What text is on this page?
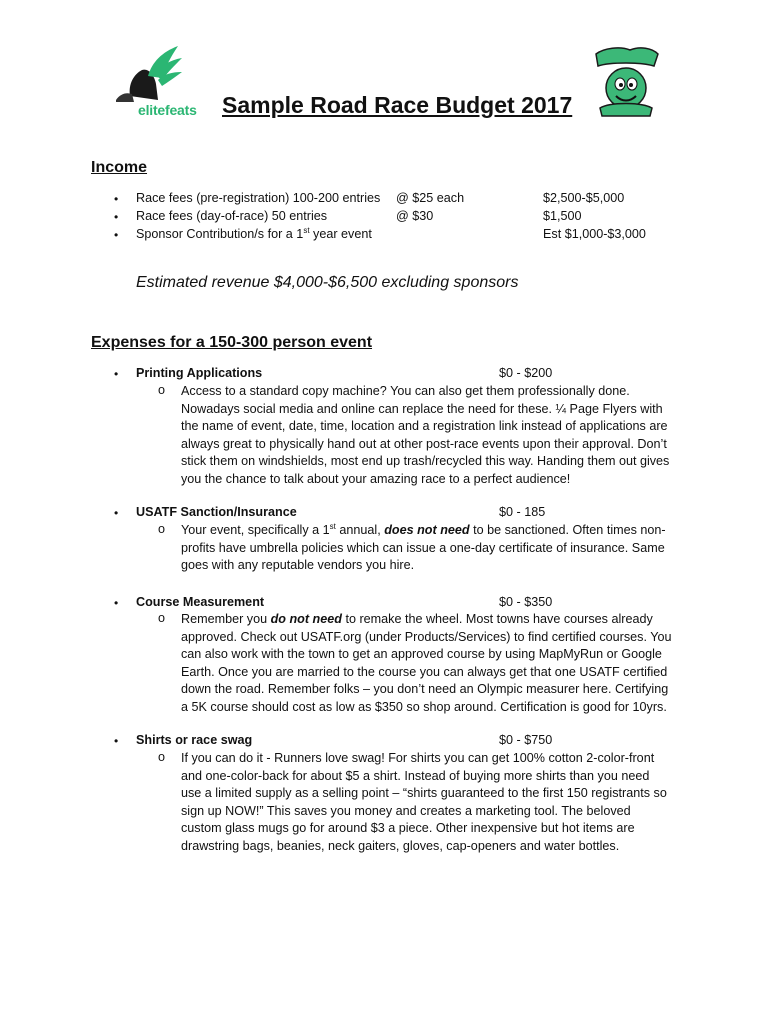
elitefeats Sample Road Race Budget 2017
Income
• Race fees (pre-registration) 100-200 entries @ $25 each	$2,500-$5,000
• Race fees (day-of-race) 50 entries	@ $30	$1,500
• Sponsor Contribution/s for a 1st year event	Est $1,000-$3,000
Estimated revenue $4,000-$6,500 excluding sponsors
Expenses for a 150-300 person event
• Printing Applications	$0 - $200
o Access to a standard copy machine? You can also get them professionally done.
Nowadays social media and online can replace the need for these. ¼ Page Flyers with
the name of event, date, time, location and a registration link instead of applications are
always great to physically hand out at other post-race events upon their approval. Don’t
stick them on windshields, most end up trash/recycled this way. Handing them out gives
you the chance to talk about your amazing race to a perfect audience!
• USATF Sanction/Insurance	$0 - 185
o Your event, specifically a 1st annual, does not need to be sanctioned. Often times non-
profits have umbrella policies which can issue a one-day certificate of insurance. Same
goes with any reputable vendors you hire.
• Course Measurement	$0 - $350
o Remember you do not need to remake the wheel. Most towns have courses already
approved. Check out USATF.org (under Products/Services) to find certified courses. You
can also work with the town to get an approved course by using MapMyRun or Google
Earth. Once you are married to the course you can always get that one USATF certified
down the road. Remember folks – you don’t need an Olympic measurer here. Certifying
a 5K course should cost as low as $350 so shop around. Certification is good for 10yrs.
• Shirts or race swag	$0 - $750
o If you can do it - Runners love swag! For shirts you can get 100% cotton 2-color-front
and one-color-back for about $5 a shirt. Instead of buying more shirts than you need
use a limited supply as a selling point – “shirts guaranteed to the first 150 registrants so
sign up NOW!” This saves you money and creates a marketing tool. The beloved
custom glass mugs go for around $3 a piece. Other inexpensive but hot items are
drawstring bags, beanies, neck gaiters, gloves, cap-openers and water bottles.
